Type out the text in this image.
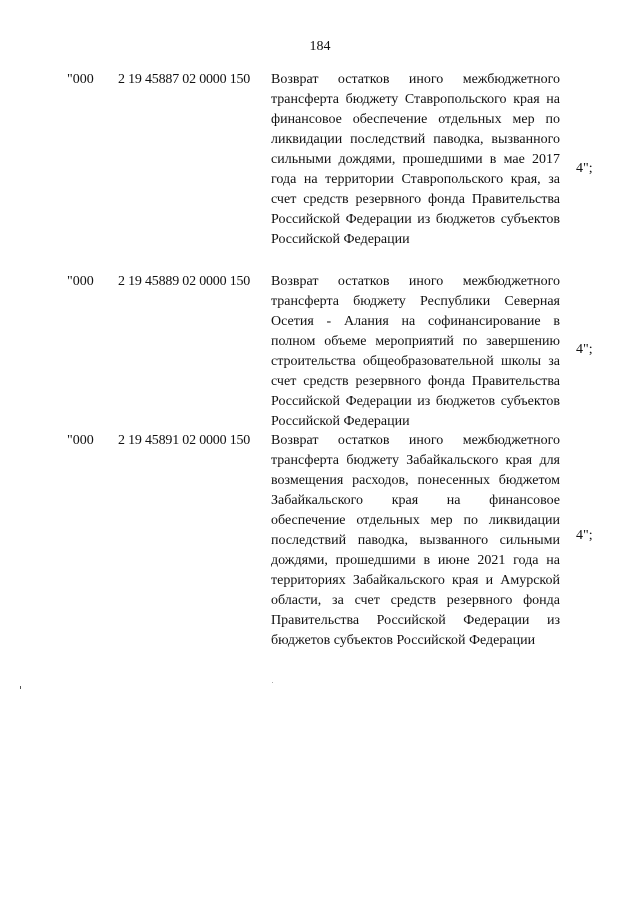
184
"000 2 19 45887 02 0000 150 Возврат остатков иного межбюджетного трансферта бюджету Ставропольского края на финансовое обеспечение отдельных мер по ликвидации последствий паводка, вызванного сильными дождями, прошедшими в мае 2017 года на территории Ставропольского края, за счет средств резервного фонда Правительства Российской Федерации из бюджетов субъектов Российской Федерации
4";
"000 2 19 45889 02 0000 150 Возврат остатков иного межбюджетного трансферта бюджету Республики Северная Осетия - Алания на софинансирование в полном объеме мероприятий по завершению строительства общеобразовательной школы за счет средств резервного фонда Правительства Российской Федерации из бюджетов субъектов Российской Федерации
4";
"000 2 19 45891 02 0000 150 Возврат остатков иного межбюджетного трансферта бюджету Забайкальского края для возмещения расходов, понесенных бюджетом Забайкальского края на финансовое обеспечение отдельных мер по ликвидации последствий паводка, вызванного сильными дождями, прошедшими в июне 2021 года на территориях Забайкальского края и Амурской области, за счет средств резервного фонда Правительства Российской Федерации из бюджетов субъектов Российской Федерации
4";
